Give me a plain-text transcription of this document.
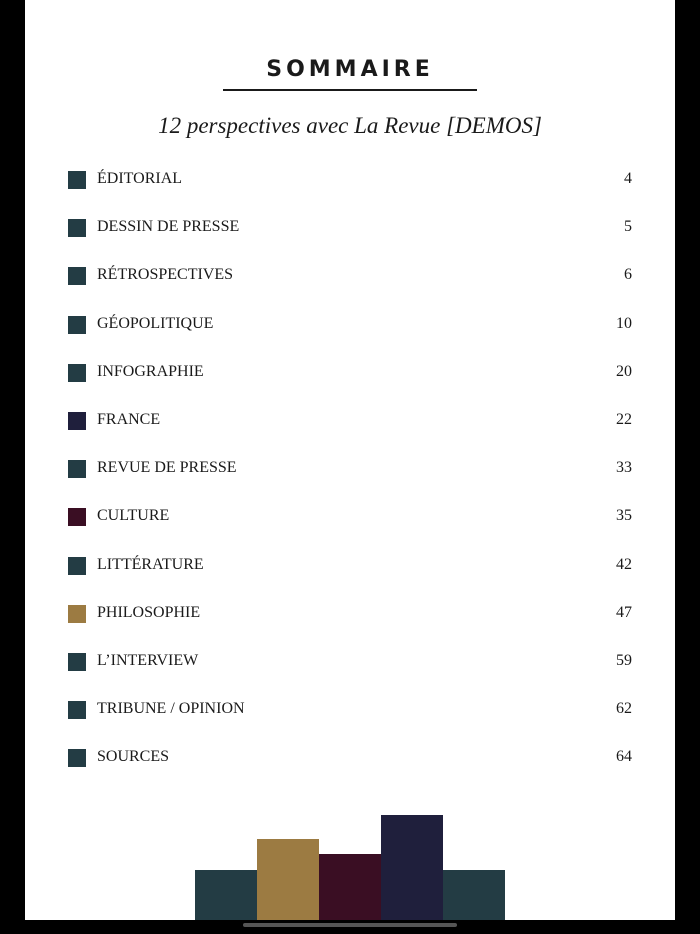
SOMMAIRE
12 perspectives avec La Revue [DEMOS]
ÉDITORIAL	4
DESSIN DE PRESSE	5
RÉTROSPECTIVES	6
GÉOPOLITIQUE	10
INFOGRAPHIE	20
FRANCE	22
REVUE DE PRESSE	33
CULTURE	35
LITTÉRATURE	42
PHILOSOPHIE	47
L’INTERVIEW	59
TRIBUNE / OPINION	62
SOURCES	64
